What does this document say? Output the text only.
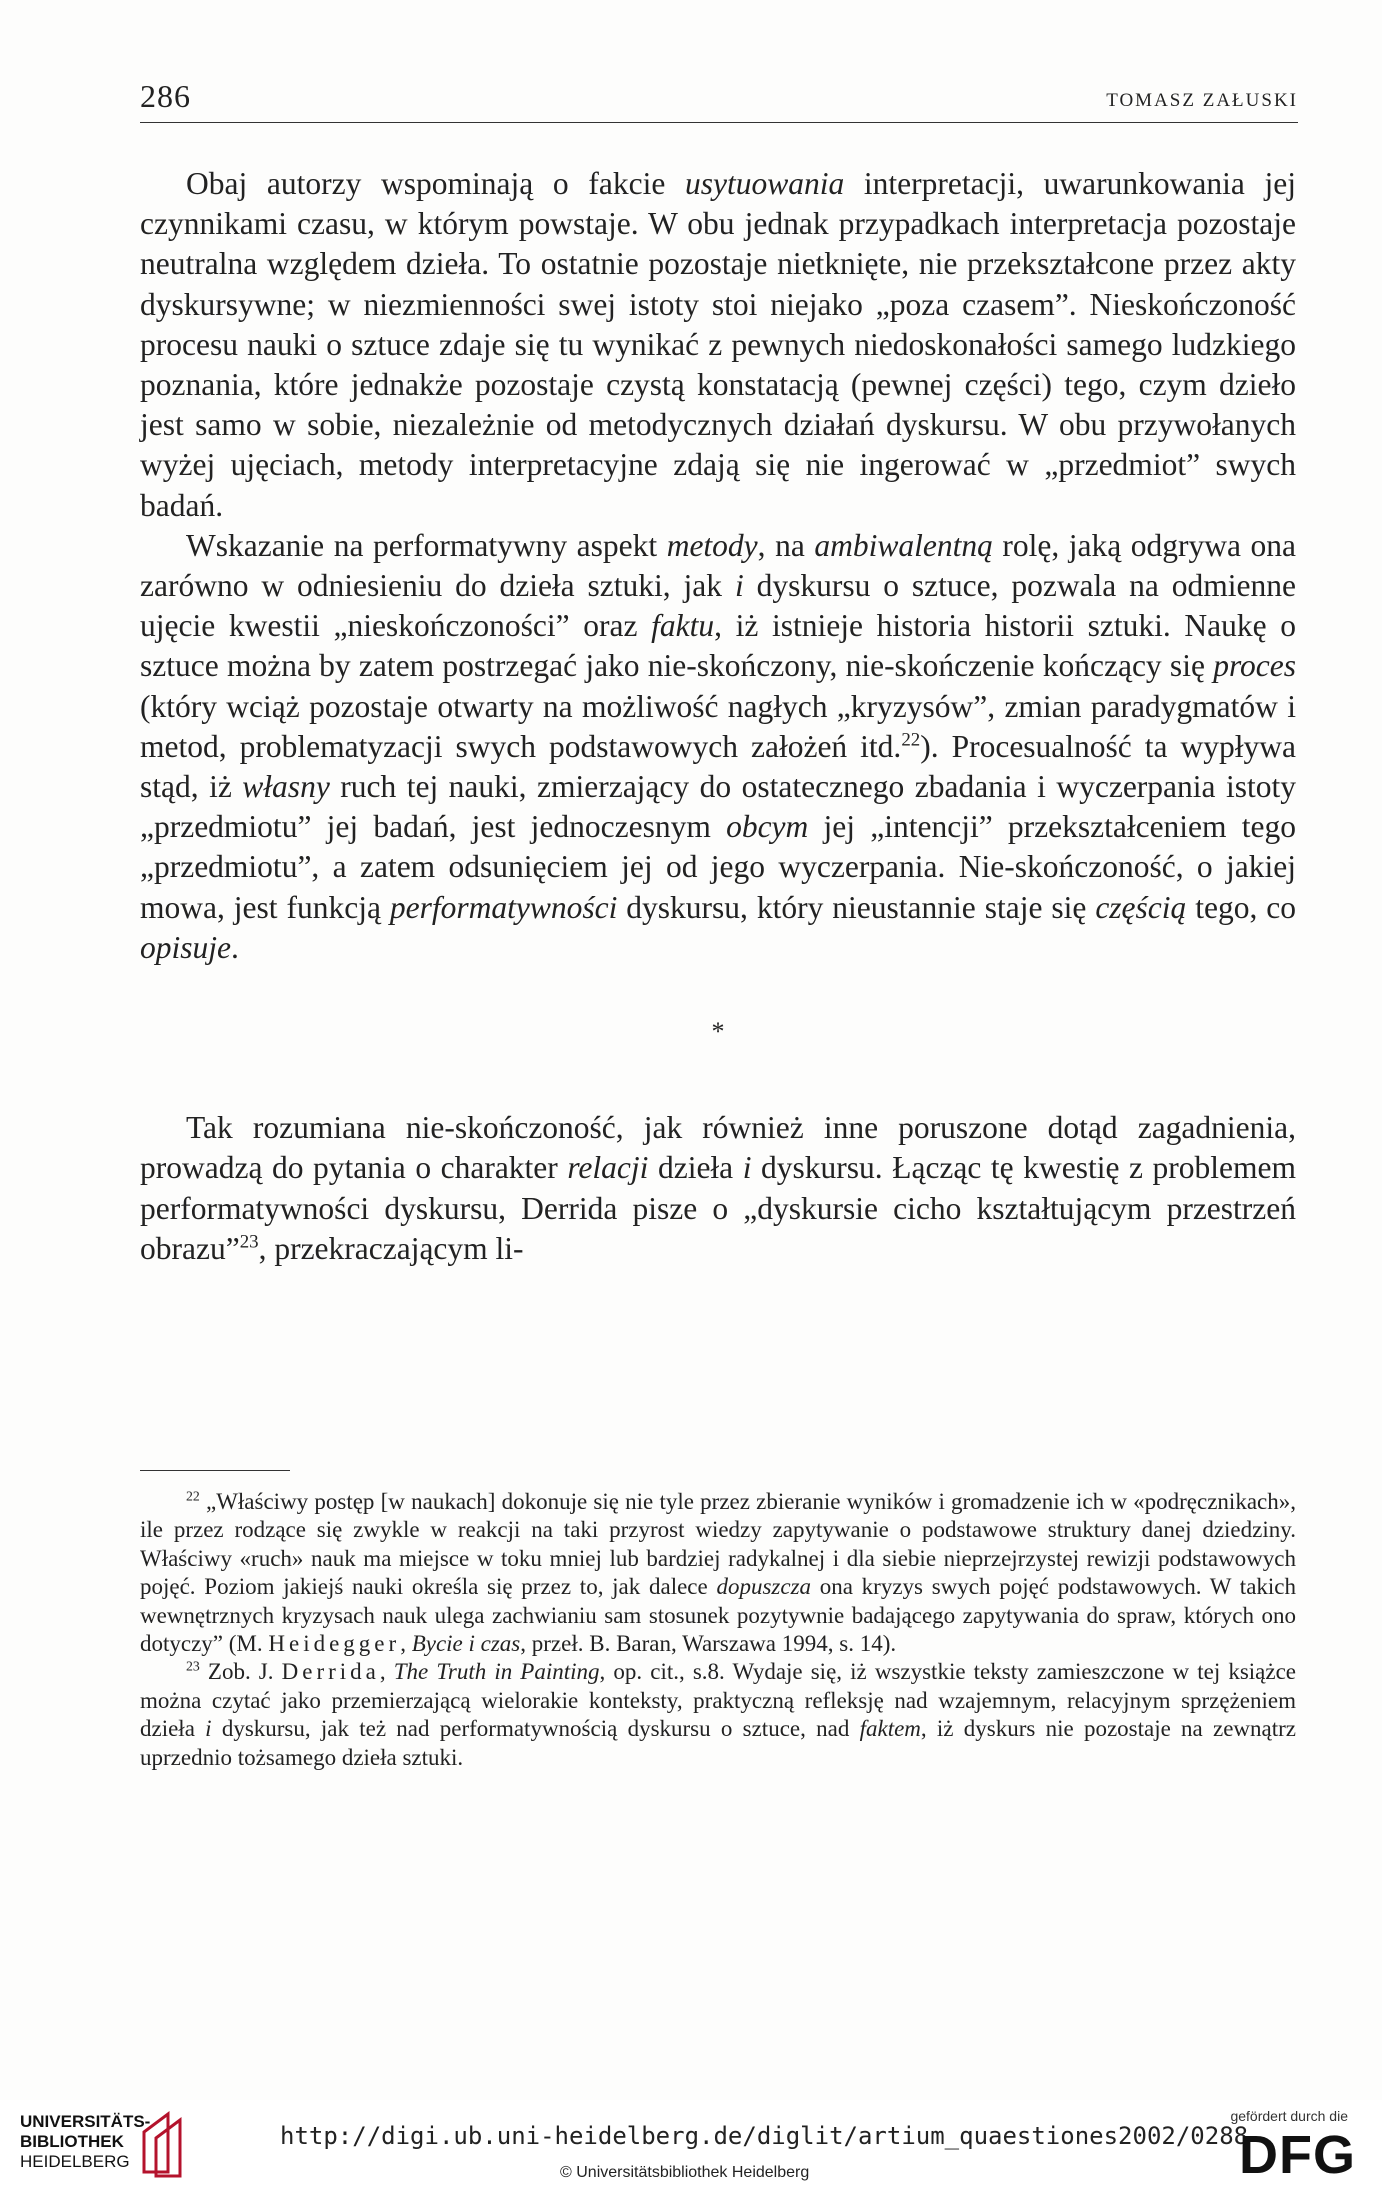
286	TOMASZ ZAŁUSKI

Obaj autorzy wspominają o fakcie usytuowania interpretacji, uwarunkowania jej czynnikami czasu, w którym powstaje. W obu jednak przypadkach interpretacja pozostaje neutralna względem dzieła. To ostatnie pozostaje nietknięte, nie przekształcone przez akty dyskursywne; w niezmienności swej istoty stoi niejako „poza czasem”. Nieskończoność procesu nauki o sztuce zdaje się tu wynikać z pewnych niedoskonałości samego ludzkiego poznania, które jednakże pozostaje czystą konstatacją (pewnej części) tego, czym dzieło jest samo w sobie, niezależnie od metodycznych działań dyskursu. W obu przywołanych wyżej ujęciach, metody interpretacyjne zdają się nie ingerować w „przedmiot” swych badań.

Wskazanie na performatywny aspekt metody, na ambiwalentną rolę, jaką odgrywa ona zarówno w odniesieniu do dzieła sztuki, jak i dyskursu o sztuce, pozwala na odmienne ujęcie kwestii „nieskończoności” oraz faktu, iż istnieje historia historii sztuki. Naukę o sztuce można by zatem postrzegać jako nie-skończony, nie-skończenie kończący się proces (który wciąż pozostaje otwarty na możliwość nagłych „kryzysów”, zmian paradygmatów i metod, problematyzacji swych podstawowych założeń itd.$^{22}$). Procesualność ta wypływa stąd, iż własny ruch tej nauki, zmierzający do ostatecznego zbadania i wyczerpania istoty „przedmiotu” jej badań, jest jednoczesnym obcym jej „intencji” przekształceniem tego „przedmiotu”, a zatem odsunięciem jej od jego wyczerpania. Nie-skończoność, o jakiej mowa, jest funkcją performatywności dyskursu, który nieustannie staje się częścią tego, co opisuje.

*

Tak rozumiana nie-skończoność, jak również inne poruszone dotąd zagadnienia, prowadzą do pytania o charakter relacji dzieła i dyskursu. Łącząc tę kwestię z problemem performatywności dyskursu, Derrida pisze o „dyskursie cicho kształtującym przestrzeń obrazu”$^{23}$, przekraczającym li-

$^{22}$ „Właściwy postęp [w naukach] dokonuje się nie tyle przez zbieranie wyników i gromadzenie ich w «podręcznikach», ile przez rodzące się zwykle w reakcji na taki przyrost wiedzy zapytywanie o podstawowe struktury danej dziedziny. Właściwy «ruch» nauk ma miejsce w toku mniej lub bardziej radykalnej i dla siebie nieprzejrzystej rewizji podstawowych pojęć. Poziom jakiejś nauki określa się przez to, jak dalece dopuszcza ona kryzys swych pojęć podstawowych. W takich wewnętrznych kryzysach nauk ulega zachwianiu sam stosunek pozytywnie badającego zapytywania do spraw, których ono dotyczy” (M. Heidegger, Bycie i czas, przeł. B. Baran, Warszawa 1994, s. 14).

$^{23}$ Zob. J. Derrida, The Truth in Painting, op. cit., s.8. Wydaje się, iż wszystkie teksty zamieszczone w tej książce można czytać jako przemierzającą wielorakie konteksty, praktyczną refleksję nad wzajemnym, relacyjnym sprzężeniem dzieła i dyskursu, jak też nad performatywnością dyskursu o sztuce, nad faktem, iż dyskurs nie pozostaje na zewnątrz uprzednio tożsamego dzieła sztuki.

UNIVERSITÄTS-
BIBLIOTHEK
HEIDELBERG
http://digi.ub.uni-heidelberg.de/diglit/artium_quaestiones2002/0288
© Universitätsbibliothek Heidelberg
gefördert durch die
DFG
